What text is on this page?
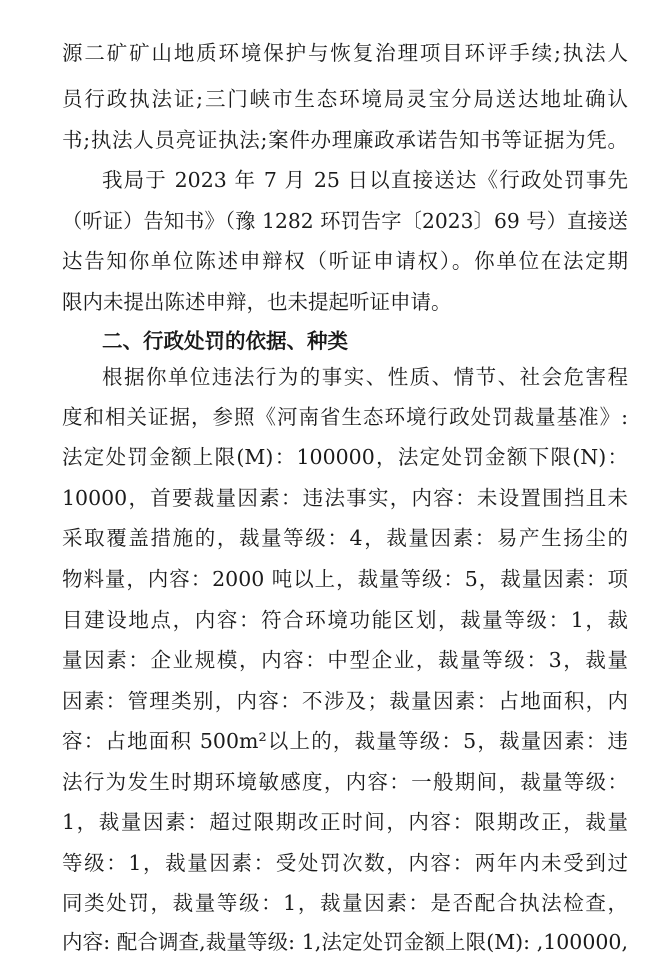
源二矿矿山地质环境保护与恢复治理项目环评手续;执法人
员行政执法证;三门峡市生态环境局灵宝分局送达地址确认
书;执法人员亮证执法;案件办理廉政承诺告知书等证据为凭。
我局于 2023 年 7 月 25 日以直接送达《行政处罚事先
（听证）告知书》（豫 1282 环罚告字〔2023〕69 号）直接送
达告知你单位陈述申辩权（听证申请权）。你单位在法定期
限内未提出陈述申辩，也未提起听证申请。
二、行政处罚的依据、种类
根据你单位违法行为的事实、性质、情节、社会危害程
度和相关证据，参照《河南省生态环境行政处罚裁量基准》:
法定处罚金额上限(M)：100000，法定处罚金额下限(N)：
10000，首要裁量因素：违法事实，内容：未设置围挡且未
采取覆盖措施的，裁量等级：4，裁量因素：易产生扬尘的
物料量，内容：2000 吨以上，裁量等级：5，裁量因素：项
目建设地点，内容：符合环境功能区划，裁量等级：1，裁
量因素：企业规模，内容：中型企业，裁量等级：3，裁量
因素：管理类别，内容：不涉及；裁量因素：占地面积，内
容：占地面积 500m²以上的，裁量等级：5，裁量因素：违
法行为发生时期环境敏感度，内容：一般期间，裁量等级：
1，裁量因素：超过限期改正时间，内容：限期改正，裁量
等级：1，裁量因素：受处罚次数，内容：两年内未受到过
同类处罚，裁量等级：1，裁量因素：是否配合执法检查，
内容: 配合调查,裁量等级: 1,法定处罚金额上限(M): ,100000,
